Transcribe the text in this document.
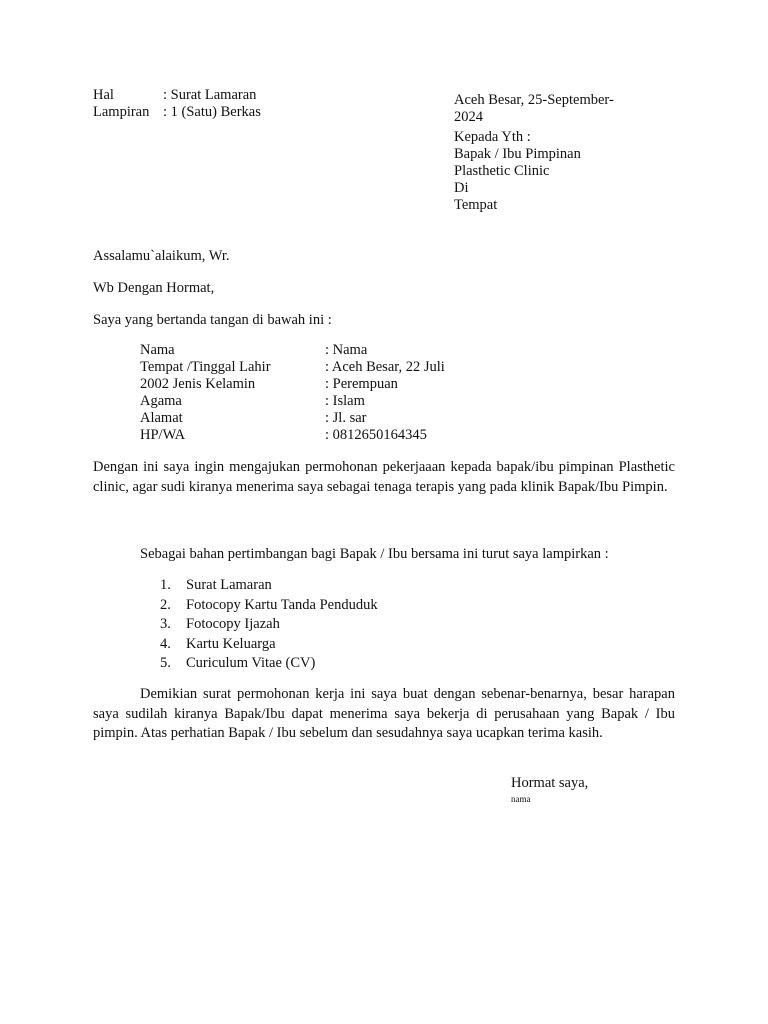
Hal	: Surat Lamaran
Lampiran : 1 (Satu) Berkas
Aceh Besar, 25-September-
2024
Kepada Yth :
Bapak / Ibu Pimpinan
Plasthetic Clinic
Di
Tempat
Assalamu`alaikum, Wr.
Wb Dengan Hormat,
Saya yang bertanda tangan di bawah ini :
Nama	: Nama
Tempat /Tinggal Lahir	: Aceh Besar, 22 Juli
2002 Jenis Kelamin	: Perempuan
Agama	: Islam
Alamat	: Jl. sar
HP/WA	: 0812650164345
Dengan ini saya ingin mengajukan permohonan pekerjaaan kepada bapak/ibu pimpinan Plasthetic clinic, agar sudi kiranya menerima saya sebagai tenaga terapis yang pada klinik Bapak/Ibu Pimpin.
Sebagai bahan pertimbangan bagi Bapak / Ibu bersama ini turut saya lampirkan :
1.	Surat Lamaran
2.	Fotocopy Kartu Tanda Penduduk
3.	Fotocopy Ijazah
4.	Kartu Keluarga
5.	Curiculum Vitae (CV)
Demikian surat permohonan kerja ini saya buat dengan sebenar-benarnya, besar harapan saya sudilah kiranya Bapak/Ibu dapat menerima saya bekerja di perusahaan yang Bapak / Ibu pimpin. Atas perhatian Bapak / Ibu sebelum dan sesudahnya saya ucapkan terima kasih.
Hormat saya,
nama
